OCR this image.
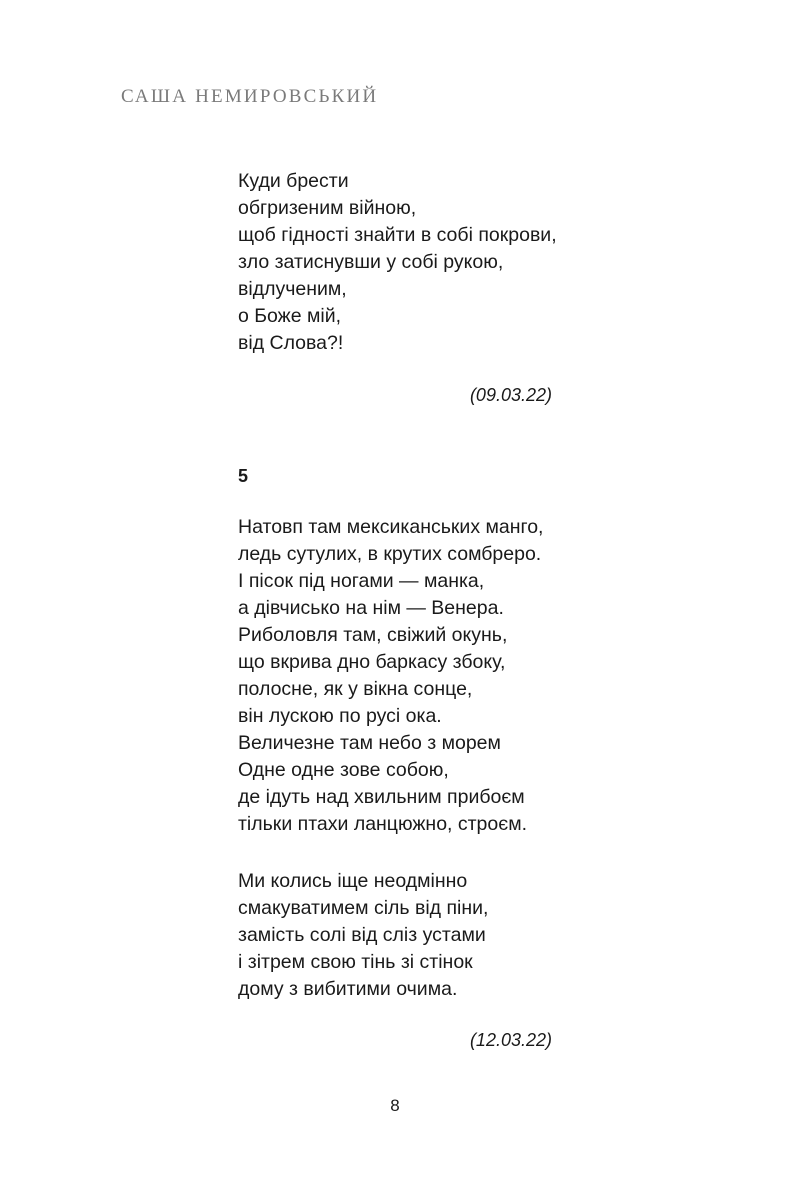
САША НЕМИРОВСЬКИЙ

Куди брести
обгризеним війною,
щоб гідності знайти в собі покрови,
зло затиснувши у собі рукою,
відлученим,
о Боже мій,
від Слова?!

(09.03.22)
5

Натовп там мексиканських манго,
ледь сутулих, в крутих сомбреро.
І пісок під ногами — манка,
а дівчисько на нім — Венера.
Риболовля там, свіжий окунь,
що вкрива дно баркасу збоку,
полосне, як у вікна сонце,
він лускою по русі ока.
Величезне там небо з морем
Одне одне зове собою,
де ідуть над хвильним прибоєм
тільки птахи ланцюжно, строєм.

Ми колись іще неодмінно
смакуватимем сіль від піни,
замість солі від сліз устами
і зітрем свою тінь зі стінок
дому з вибитими очима.

(12.03.22)
8
